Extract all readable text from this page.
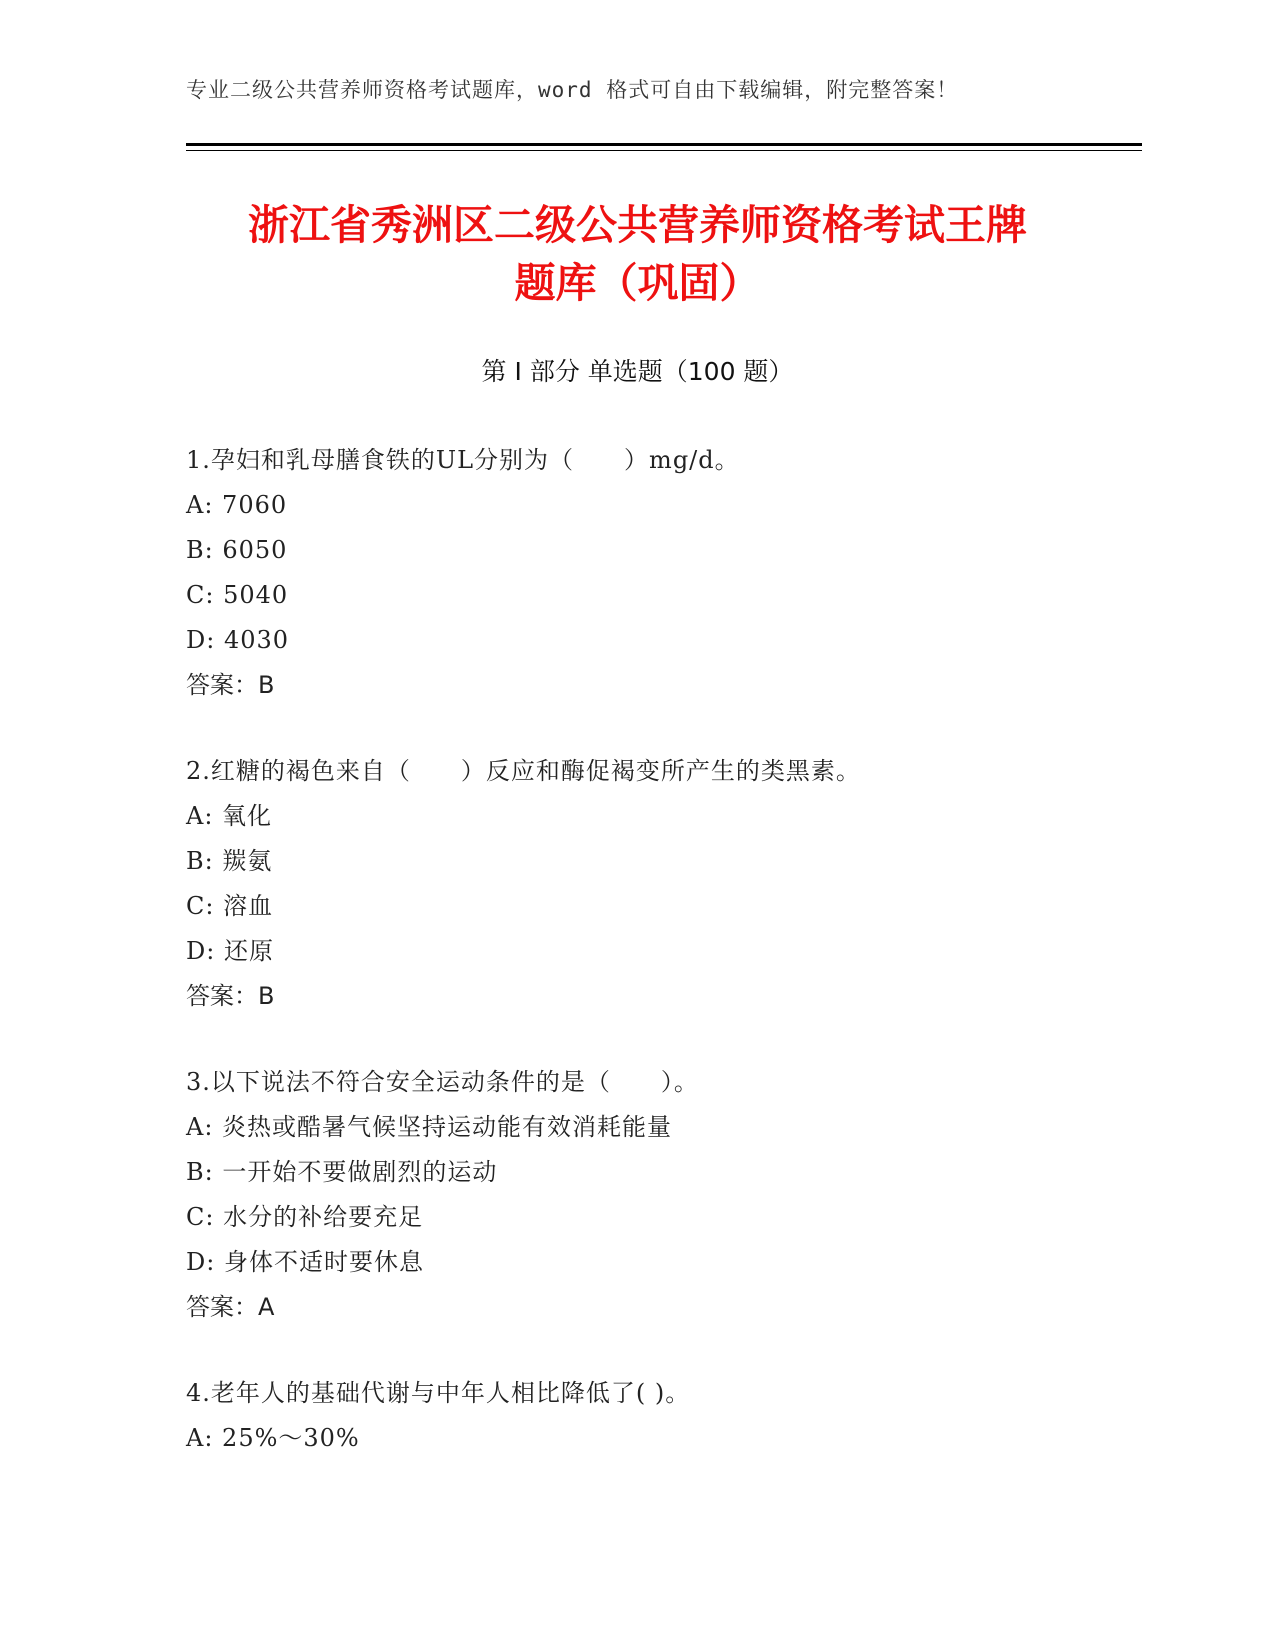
专业二级公共营养师资格考试题库，word 格式可自由下载编辑，附完整答案！
浙江省秀洲区二级公共营养师资格考试王牌
题库（巩固）
第 I 部分 单选题（100 题）
1.孕妇和乳母膳食铁的UL分别为（　　）mg/d。
A: 7060
B: 6050
C: 5040
D: 4030
答案：B
2.红糖的褐色来自（　　）反应和酶促褐变所产生的类黑素。
A: 氧化
B: 羰氨
C: 溶血
D: 还原
答案：B
3.以下说法不符合安全运动条件的是（　　）。
A: 炎热或酷暑气候坚持运动能有效消耗能量
B: 一开始不要做剧烈的运动
C: 水分的补给要充足
D: 身体不适时要休息
答案：A
4.老年人的基础代谢与中年人相比降低了( )。
A: 25%～30%
